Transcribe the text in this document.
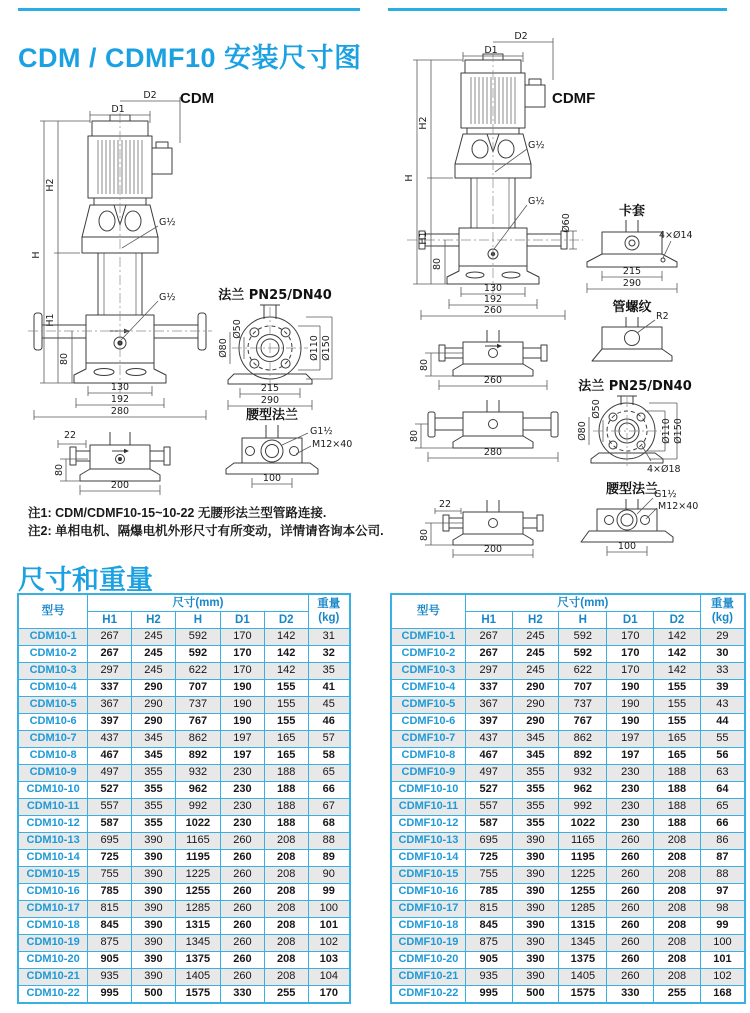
CDM / CDMF10 安装尺寸图
CDM	CDMF
D2
D1
H
H2
H1
80
G½
G½
130
192
280
22
80
200
法兰 PN25/DN40
Ø50
Ø80	Ø110 Ø150
215
290
腰型法兰
G1½
M12×40
100
D2
D1
H
H2
H1
80
Ø60
G½
G½
130
192
260
80
260
卡套
4×Ø14
215
290
管螺纹
R2
法兰 PN25/DN40
Ø50
Ø80	Ø110 Ø150
4×Ø18
80
280
腰型法兰
G1½
M12×40
100
22
80
200
注1: CDM/CDMF10-15~10-22 无腰形法兰型管路连接.
注2: 单相电机、隔爆电机外形尺寸有所变动，详情请咨询本公司.
尺寸和重量
型号	尺寸(mm)					重量
(kg)

	H1	H2	H	D1	D2	
CDM10-1	267	245	592	170	142	31
CDM10-2	267	245	592	170	142	32
CDM10-3	297	245	622	170	142	35
CDM10-4	337	290	707	190	155	41
CDM10-5	367	290	737	190	155	45
CDM10-6	397	290	767	190	155	46
CDM10-7	437	345	862	197	165	57
CDM10-8	467	345	892	197	165	58
CDM10-9	497	355	932	230	188	65
CDM10-10	527	355	962	230	188	66
CDM10-11	557	355	992	230	188	67
CDM10-12	587	355	1022	230	188	68
CDM10-13	695	390	1165	260	208	88
CDM10-14	725	390	1195	260	208	89
CDM10-15	755	390	1225	260	208	90
CDM10-16	785	390	1255	260	208	99
CDM10-17	815	390	1285	260	208	100
CDM10-18	845	390	1315	260	208	101
CDM10-19	875	390	1345	260	208	102
CDM10-20	905	390	1375	260	208	103
CDM10-21	935	390	1405	260	208	104
CDM10-22	995	500	1575	330	255	170
型号	尺寸(mm)					重量
(kg)

	H1	H2	H	D1	D2	
CDMF10-1	267	245	592	170	142	29
CDMF10-2	267	245	592	170	142	30
CDMF10-3	297	245	622	170	142	33
CDMF10-4	337	290	707	190	155	39
CDMF10-5	367	290	737	190	155	43
CDMF10-6	397	290	767	190	155	44
CDMF10-7	437	345	862	197	165	55
CDMF10-8	467	345	892	197	165	56
CDMF10-9	497	355	932	230	188	63
CDMF10-10	527	355	962	230	188	64
CDMF10-11	557	355	992	230	188	65
CDMF10-12	587	355	1022	230	188	66
CDMF10-13	695	390	1165	260	208	86
CDMF10-14	725	390	1195	260	208	87
CDMF10-15	755	390	1225	260	208	88
CDMF10-16	785	390	1255	260	208	97
CDMF10-17	815	390	1285	260	208	98
CDMF10-18	845	390	1315	260	208	99
CDMF10-19	875	390	1345	260	208	100
CDMF10-20	905	390	1375	260	208	101
CDMF10-21	935	390	1405	260	208	102
CDMF10-22	995	500	1575	330	255	168
